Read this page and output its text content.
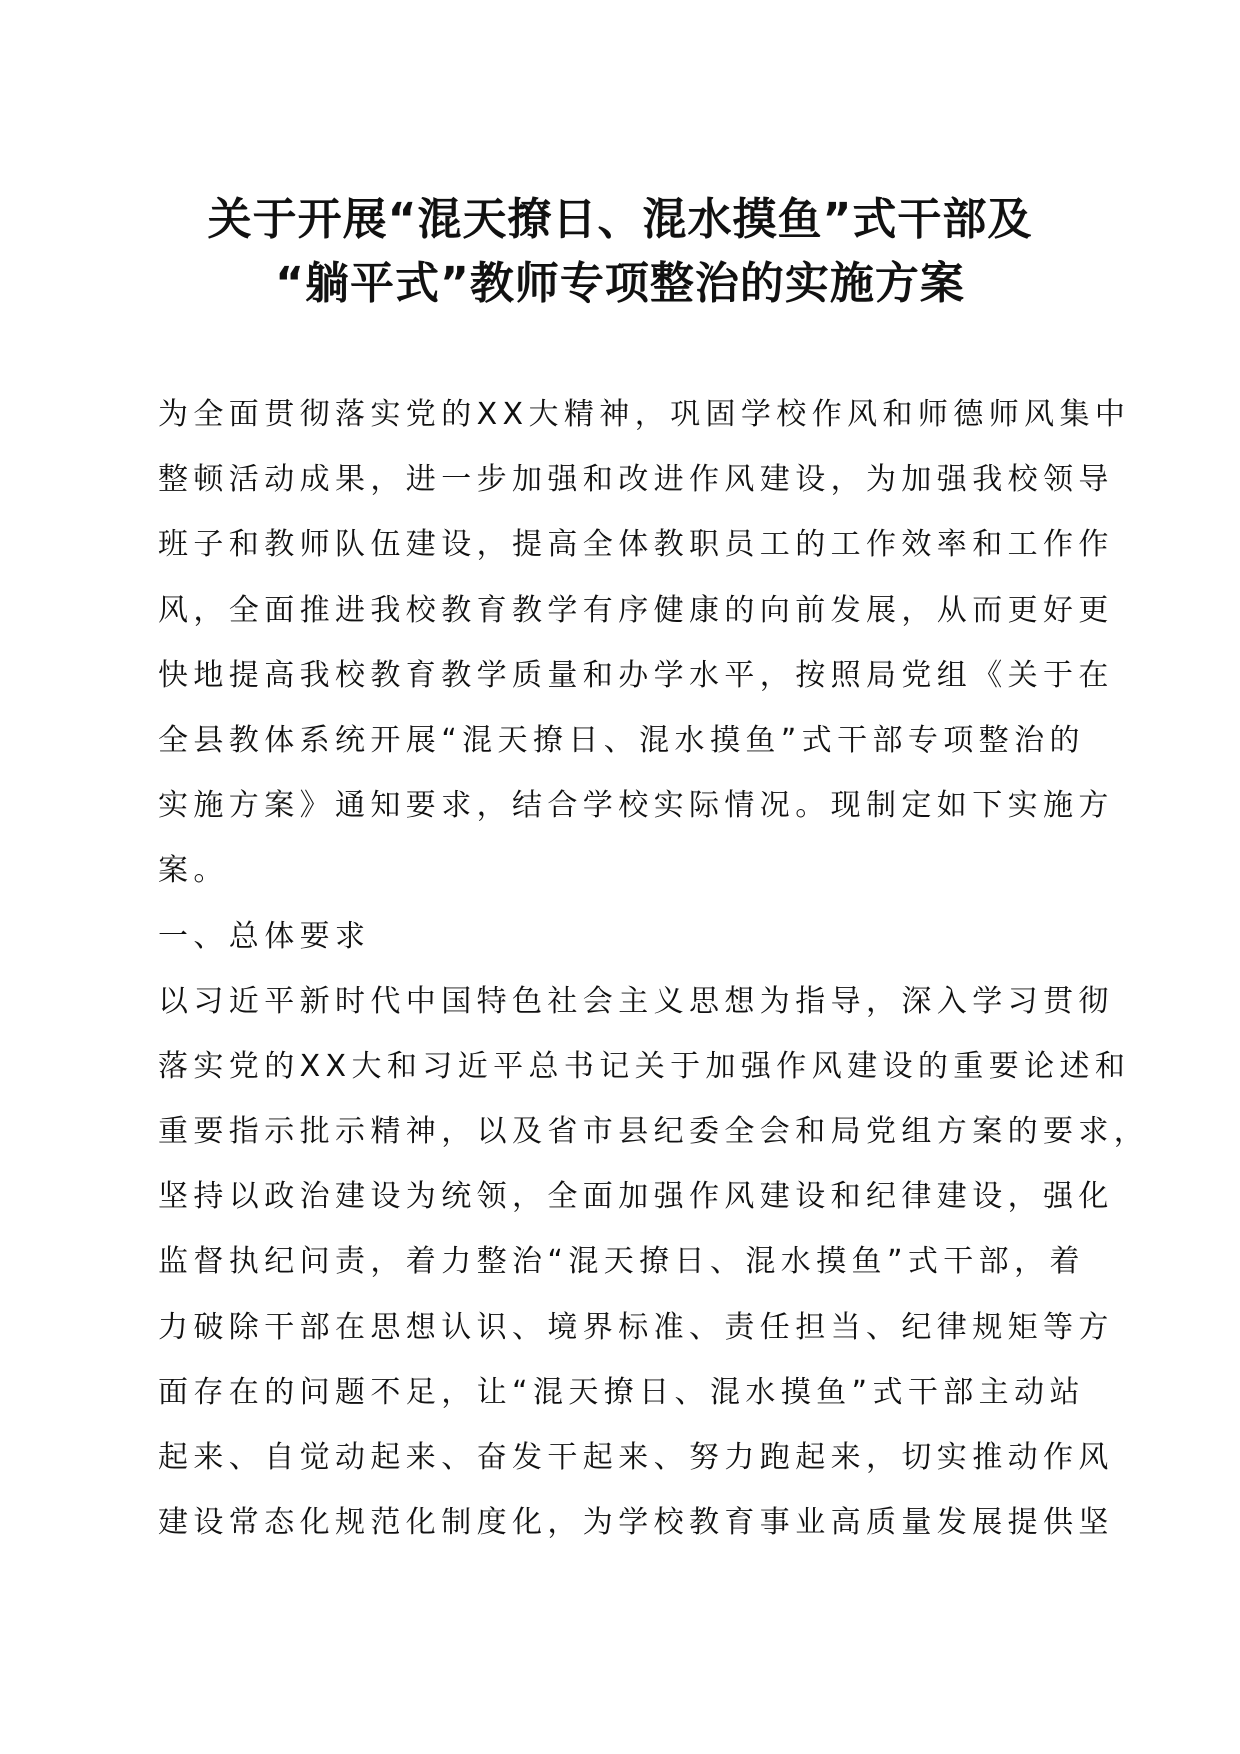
关于开展“混天撩日、混水摸鱼”式干部及
“躺平式”教师专项整治的实施方案
为全面贯彻落实党的XX大精神，巩固学校作风和师德师风集中
整顿活动成果，进一步加强和改进作风建设，为加强我校领导
班子和教师队伍建设，提高全体教职员工的工作效率和工作作
风，全面推进我校教育教学有序健康的向前发展，从而更好更
快地提高我校教育教学质量和办学水平，按照局党组《关于在
全县教体系统开展“混天撩日、混水摸鱼”式干部专项整治的
实施方案》通知要求，结合学校实际情况。现制定如下实施方
案。
一、总体要求
以习近平新时代中国特色社会主义思想为指导，深入学习贯彻
落实党的XX大和习近平总书记关于加强作风建设的重要论述和
重要指示批示精神，以及省市县纪委全会和局党组方案的要求，
坚持以政治建设为统领，全面加强作风建设和纪律建设，强化
监督执纪问责，着力整治“混天撩日、混水摸鱼”式干部，着
力破除干部在思想认识、境界标准、责任担当、纪律规矩等方
面存在的问题不足，让“混天撩日、混水摸鱼”式干部主动站
起来、自觉动起来、奋发干起来、努力跑起来，切实推动作风
建设常态化规范化制度化，为学校教育事业高质量发展提供坚
